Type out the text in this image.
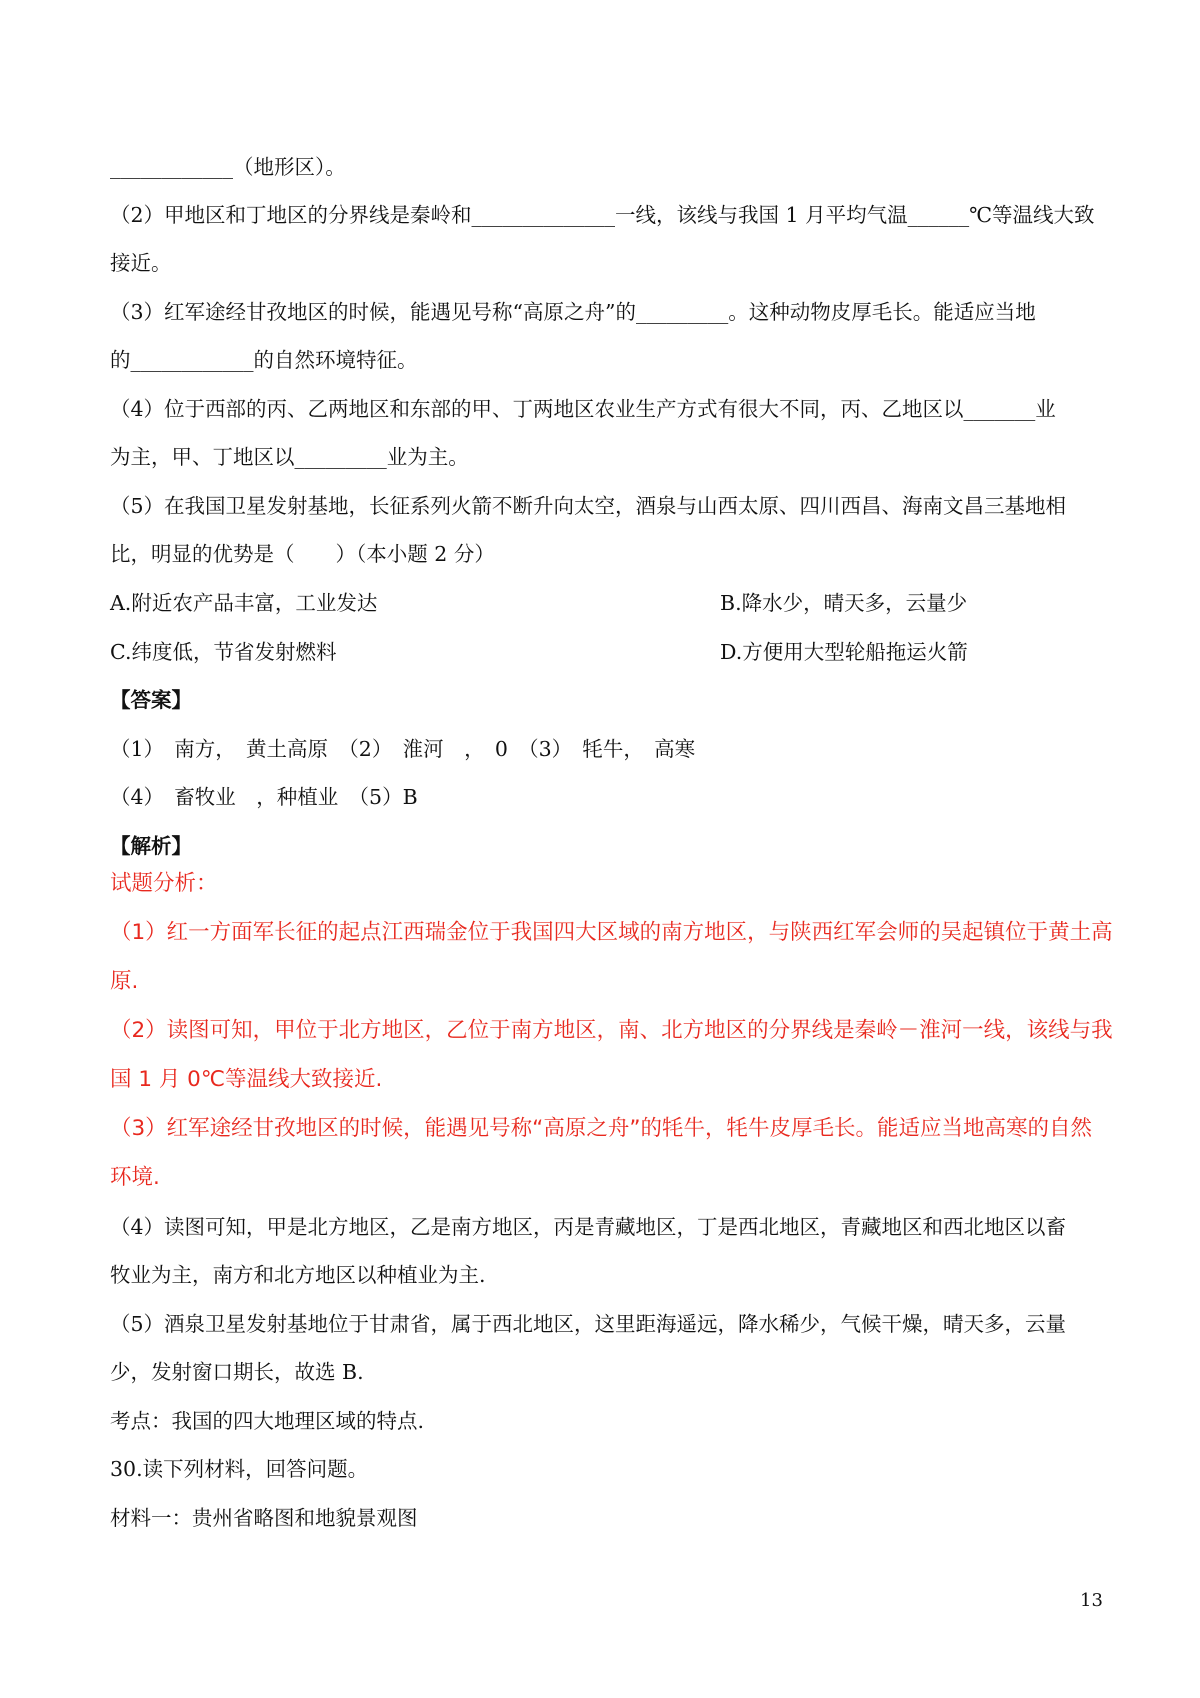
____________（地形区）。
（2）甲地区和丁地区的分界线是秦岭和______________一线，该线与我国 1 月平均气温______℃等温线大致
接近。
（3）红军途经甘孜地区的时候，能遇见号称“高原之舟”的_________。这种动物皮厚毛长。能适应当地
的____________的自然环境特征。
（4）位于西部的丙、乙两地区和东部的甲、丁两地区农业生产方式有很大不同，丙、乙地区以_______业
为主，甲、丁地区以_________业为主。
（5）在我国卫星发射基地，长征系列火箭不断升向太空，酒泉与山西太原、四川西昌、海南文昌三基地相
比，明显的优势是（　　）（本小题 2 分）
A.附近农产品丰富，工业发达	B.降水少，晴天多，云量少
C.纬度低，节省发射燃料	D.方便用大型轮船拖运火箭
【答案】
（1）　南方，　黄土高原　（2）　淮河　，　0　（3）　牦牛，　高寒
（4）　畜牧业　，种植业　（5）B
【解析】
试题分析：
（1）红一方面军长征的起点江西瑞金位于我国四大区域的南方地区，与陕西红军会师的吴起镇位于黄土高
原.
（2）读图可知，甲位于北方地区，乙位于南方地区，南、北方地区的分界线是秦岭－淮河一线，该线与我
国 1 月 0℃等温线大致接近.
（3）红军途经甘孜地区的时候，能遇见号称“高原之舟”的牦牛，牦牛皮厚毛长。能适应当地高寒的自然
环境.
（4）读图可知，甲是北方地区，乙是南方地区，丙是青藏地区，丁是西北地区，青藏地区和西北地区以畜
牧业为主，南方和北方地区以种植业为主.
（5）酒泉卫星发射基地位于甘肃省，属于西北地区，这里距海遥远，降水稀少，气候干燥，晴天多，云量
少，发射窗口期长，故选 B.
考点：我国的四大地理区域的特点.
30.读下列材料，回答问题。
材料一：贵州省略图和地貌景观图
13
